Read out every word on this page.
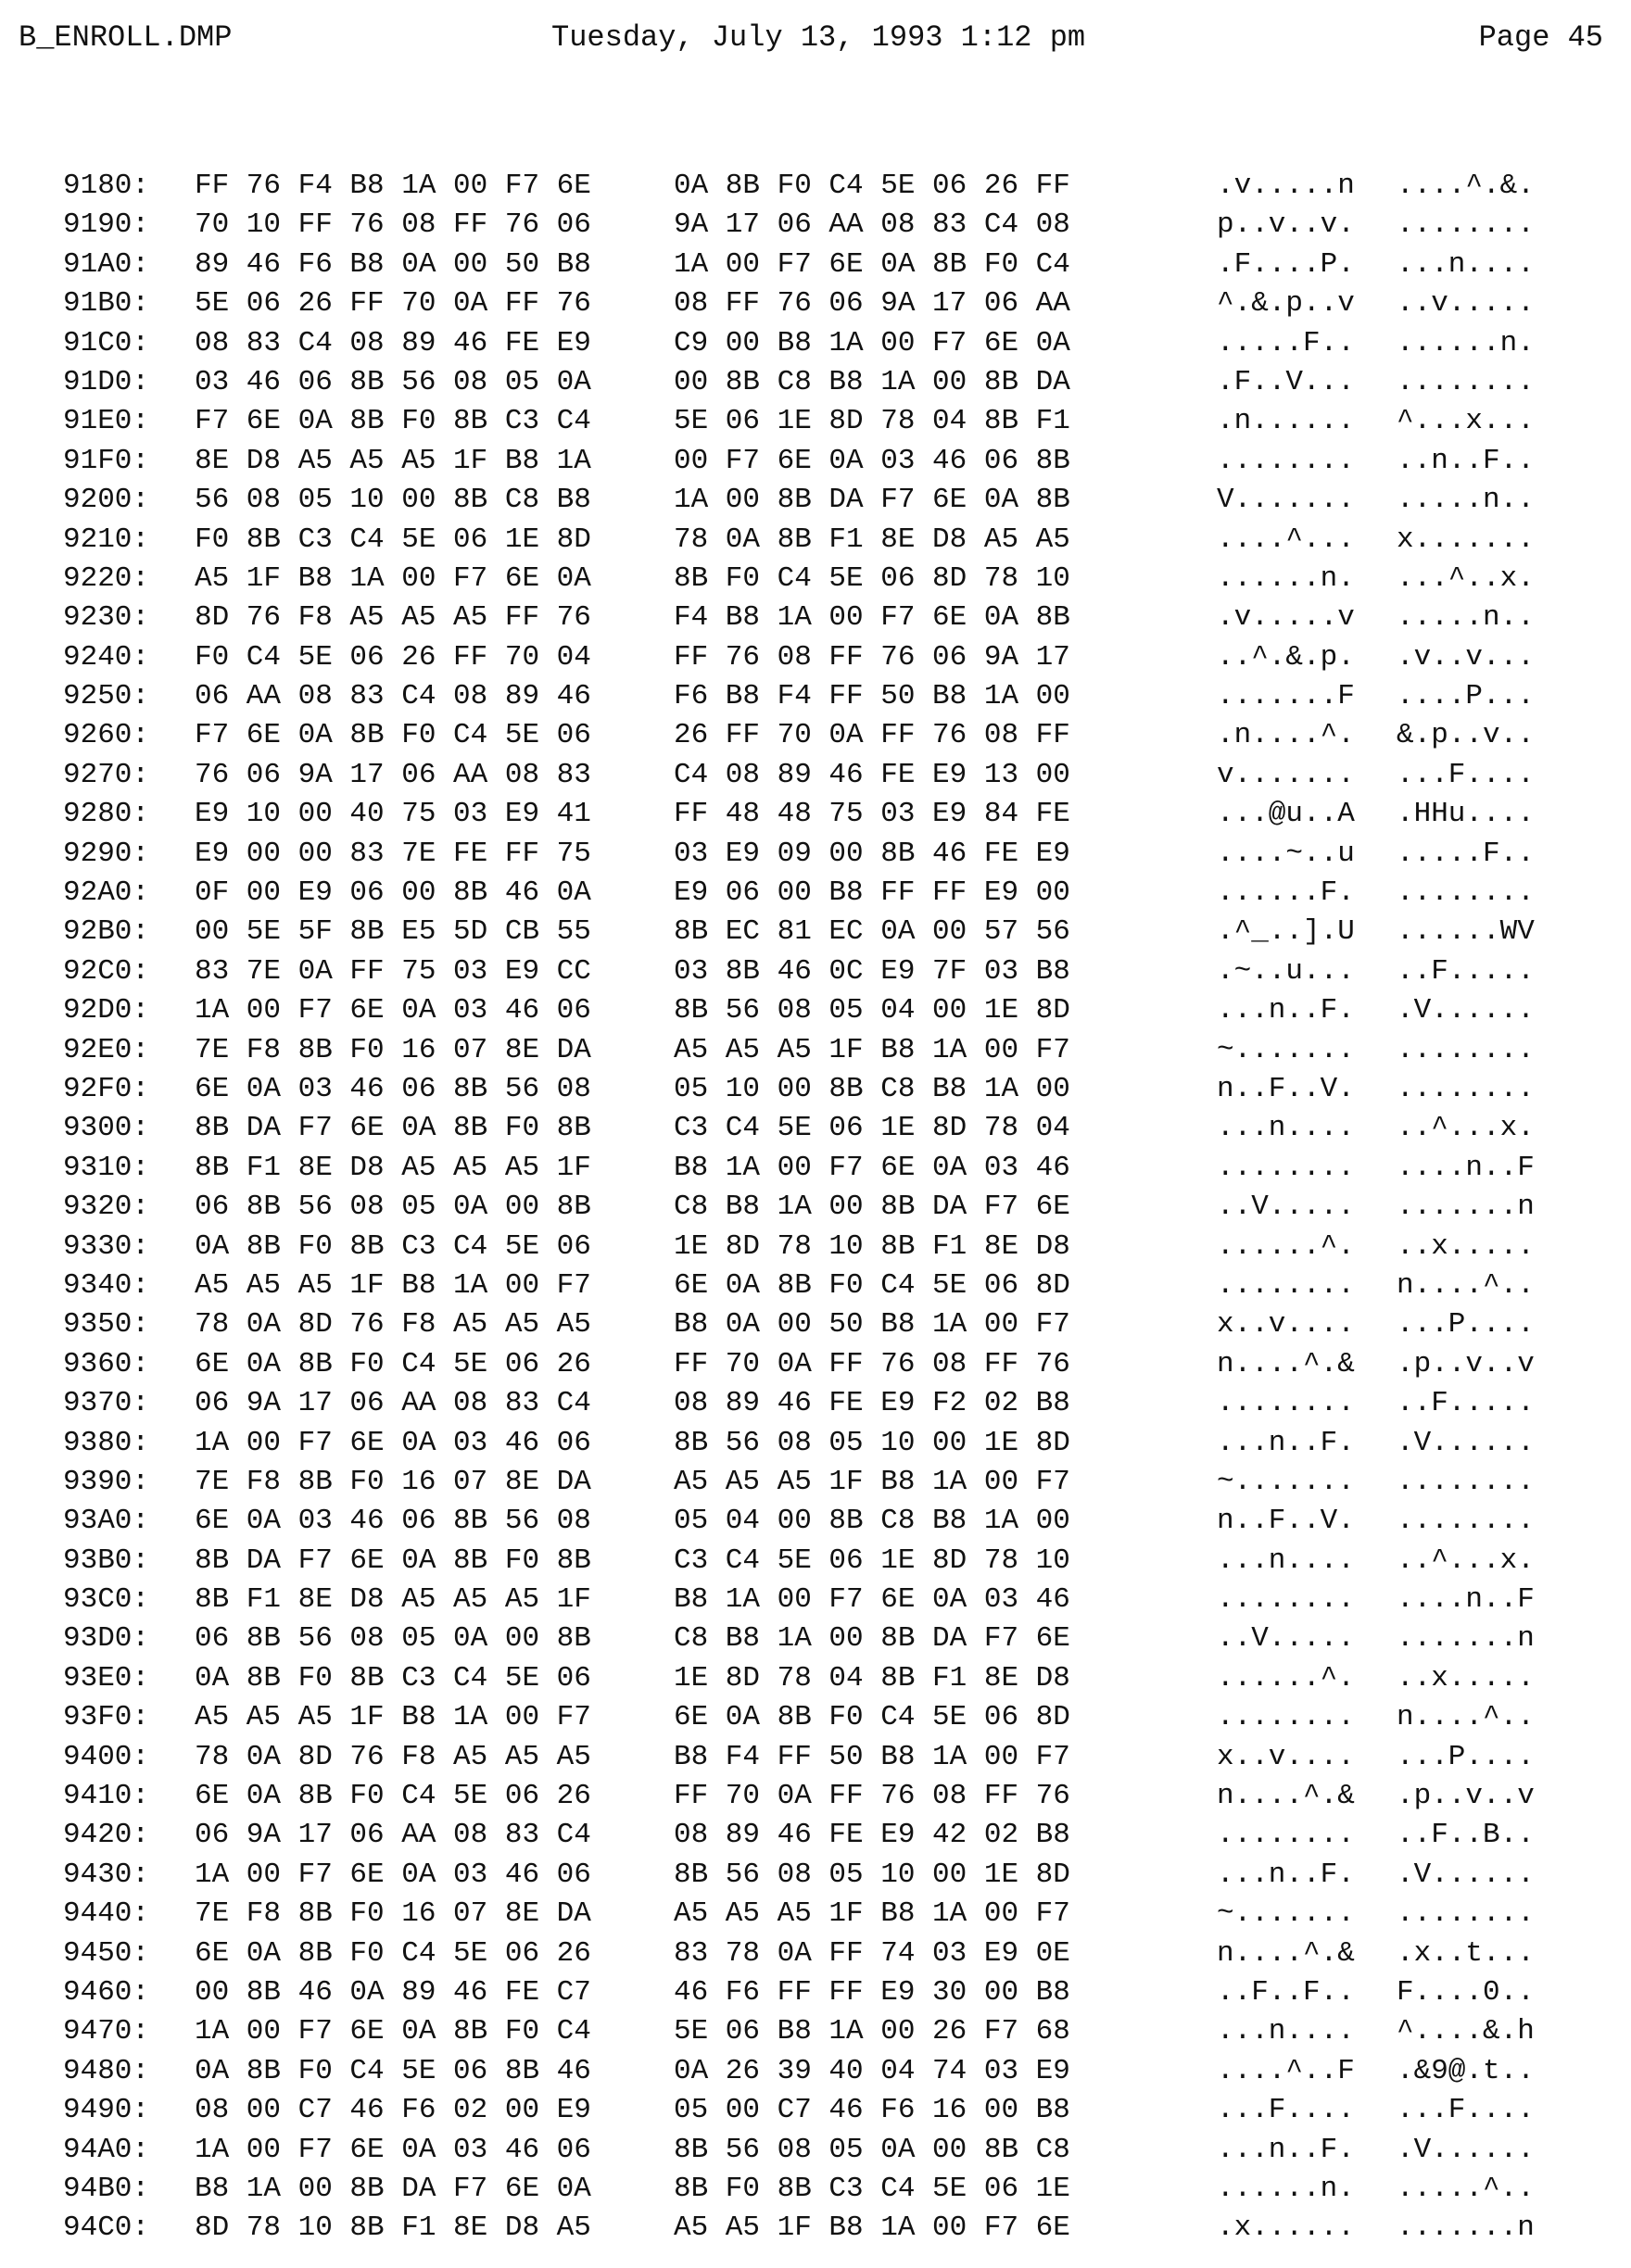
B_ENROLL.DMP	Tuesday, July 13, 1993 1:12 pm	Page 45
9180: FF 76 F4 B8 1A 00 F7 6E	0A 8B F0 C4 5E 06 26 FF	.v.....n ....^.&.
9190: 70 10 FF 76 08 FF 76 06	9A 17 06 AA 08 83 C4 08	p..v..v. ........
91A0: 89 46 F6 B8 0A 00 50 B8	1A 00 F7 6E 0A 8B F0 C4	.F....P. ...n....
91B0: 5E 06 26 FF 70 0A FF 76	08 FF 76 06 9A 17 06 AA	^.&.p..v ..v.....
91C0: 08 83 C4 08 89 46 FE E9	C9 00 B8 1A 00 F7 6E 0A	.....F.. ......n.
91D0: 03 46 06 8B 56 08 05 0A	00 8B C8 B8 1A 00 8B DA	.F..V... ........
91E0: F7 6E 0A 8B F0 8B C3 C4	5E 06 1E 8D 78 04 8B F1	.n...... ^...x...
91F0: 8E D8 A5 A5 A5 1F B8 1A	00 F7 6E 0A 03 46 06 8B	........ ..n..F..
9200: 56 08 05 10 00 8B C8 B8	1A 00 8B DA F7 6E 0A 8B	V....... .....n..
9210: F0 8B C3 C4 5E 06 1E 8D	78 0A 8B F1 8E D8 A5 A5	....^... x.......
9220: A5 1F B8 1A 00 F7 6E 0A	8B F0 C4 5E 06 8D 78 10	......n. ...^..x.
9230: 8D 76 F8 A5 A5 A5 FF 76	F4 B8 1A 00 F7 6E 0A 8B	.v.....v .....n..
9240: F0 C4 5E 06 26 FF 70 04	FF 76 08 FF 76 06 9A 17	..^.&.p. .v..v...
9250: 06 AA 08 83 C4 08 89 46	F6 B8 F4 FF 50 B8 1A 00	.......F ....P...
9260: F7 6E 0A 8B F0 C4 5E 06	26 FF 70 0A FF 76 08 FF	.n....^. &.p..v..
9270: 76 06 9A 17 06 AA 08 83	C4 08 89 46 FE E9 13 00	v....... ...F....
9280: E9 10 00 40 75 03 E9 41	FF 48 48 75 03 E9 84 FE	...@u..A .HHu....
9290: E9 00 00 83 7E FE FF 75	03 E9 09 00 8B 46 FE E9	....~..u .....F..
92A0: 0F 00 E9 06 00 8B 46 0A	E9 06 00 B8 FF FF E9 00	......F. ........
92B0: 00 5E 5F 8B E5 5D CB 55	8B EC 81 EC 0A 00 57 56	.^_..].U ......WV
92C0: 83 7E 0A FF 75 03 E9 CC	03 8B 46 0C E9 7F 03 B8	.~..u... ..F.....
92D0: 1A 00 F7 6E 0A 03 46 06	8B 56 08 05 04 00 1E 8D	...n..F. .V......
92E0: 7E F8 8B F0 16 07 8E DA	A5 A5 A5 1F B8 1A 00 F7	~....... ........
92F0: 6E 0A 03 46 06 8B 56 08	05 10 00 8B C8 B8 1A 00	n..F..V. ........
9300: 8B DA F7 6E 0A 8B F0 8B	C3 C4 5E 06 1E 8D 78 04	...n.... ..^...x.
9310: 8B F1 8E D8 A5 A5 A5 1F	B8 1A 00 F7 6E 0A 03 46	........ ....n..F
9320: 06 8B 56 08 05 0A 00 8B	C8 B8 1A 00 8B DA F7 6E	..V..... .......n
9330: 0A 8B F0 8B C3 C4 5E 06	1E 8D 78 10 8B F1 8E D8	......^. ..x.....
9340: A5 A5 A5 1F B8 1A 00 F7	6E 0A 8B F0 C4 5E 06 8D	........ n....^..
9350: 78 0A 8D 76 F8 A5 A5 A5	B8 0A 00 50 B8 1A 00 F7	x..v.... ...P....
9360: 6E 0A 8B F0 C4 5E 06 26	FF 70 0A FF 76 08 FF 76	n....^.& .p..v..v
9370: 06 9A 17 06 AA 08 83 C4	08 89 46 FE E9 F2 02 B8	........ ..F.....
9380: 1A 00 F7 6E 0A 03 46 06	8B 56 08 05 10 00 1E 8D	...n..F. .V......
9390: 7E F8 8B F0 16 07 8E DA	A5 A5 A5 1F B8 1A 00 F7	~....... ........
93A0: 6E 0A 03 46 06 8B 56 08	05 04 00 8B C8 B8 1A 00	n..F..V. ........
93B0: 8B DA F7 6E 0A 8B F0 8B	C3 C4 5E 06 1E 8D 78 10	...n.... ..^...x.
93C0: 8B F1 8E D8 A5 A5 A5 1F	B8 1A 00 F7 6E 0A 03 46	........ ....n..F
93D0: 06 8B 56 08 05 0A 00 8B	C8 B8 1A 00 8B DA F7 6E	..V..... .......n
93E0: 0A 8B F0 8B C3 C4 5E 06	1E 8D 78 04 8B F1 8E D8	......^. ..x.....
93F0: A5 A5 A5 1F B8 1A 00 F7	6E 0A 8B F0 C4 5E 06 8D	........ n....^..
9400: 78 0A 8D 76 F8 A5 A5 A5	B8 F4 FF 50 B8 1A 00 F7	x..v.... ...P....
9410: 6E 0A 8B F0 C4 5E 06 26	FF 70 0A FF 76 08 FF 76	n....^.& .p..v..v
9420: 06 9A 17 06 AA 08 83 C4	08 89 46 FE E9 42 02 B8	........ ..F..B..
9430: 1A 00 F7 6E 0A 03 46 06	8B 56 08 05 10 00 1E 8D	...n..F. .V......
9440: 7E F8 8B F0 16 07 8E DA	A5 A5 A5 1F B8 1A 00 F7	~....... ........
9450: 6E 0A 8B F0 C4 5E 06 26	83 78 0A FF 74 03 E9 0E	n....^.& .x..t...
9460: 00 8B 46 0A 89 46 FE C7	46 F6 FF FF E9 30 00 B8	..F..F.. F....0..
9470: 1A 00 F7 6E 0A 8B F0 C4	5E 06 B8 1A 00 26 F7 68	...n.... ^....&.h
9480: 0A 8B F0 C4 5E 06 8B 46	0A 26 39 40 04 74 03 E9	....^..F .&9@.t..
9490: 08 00 C7 46 F6 02 00 E9	05 00 C7 46 F6 16 00 B8	...F.... ...F....
94A0: 1A 00 F7 6E 0A 03 46 06	8B 56 08 05 0A 00 8B C8	...n..F. .V......
94B0: B8 1A 00 8B DA F7 6E 0A	8B F0 8B C3 C4 5E 06 1E	......n. .....^..
94C0: 8D 78 10 8B F1 8E D8 A5	A5 A5 1F B8 1A 00 F7 6E	.x...... .......n
